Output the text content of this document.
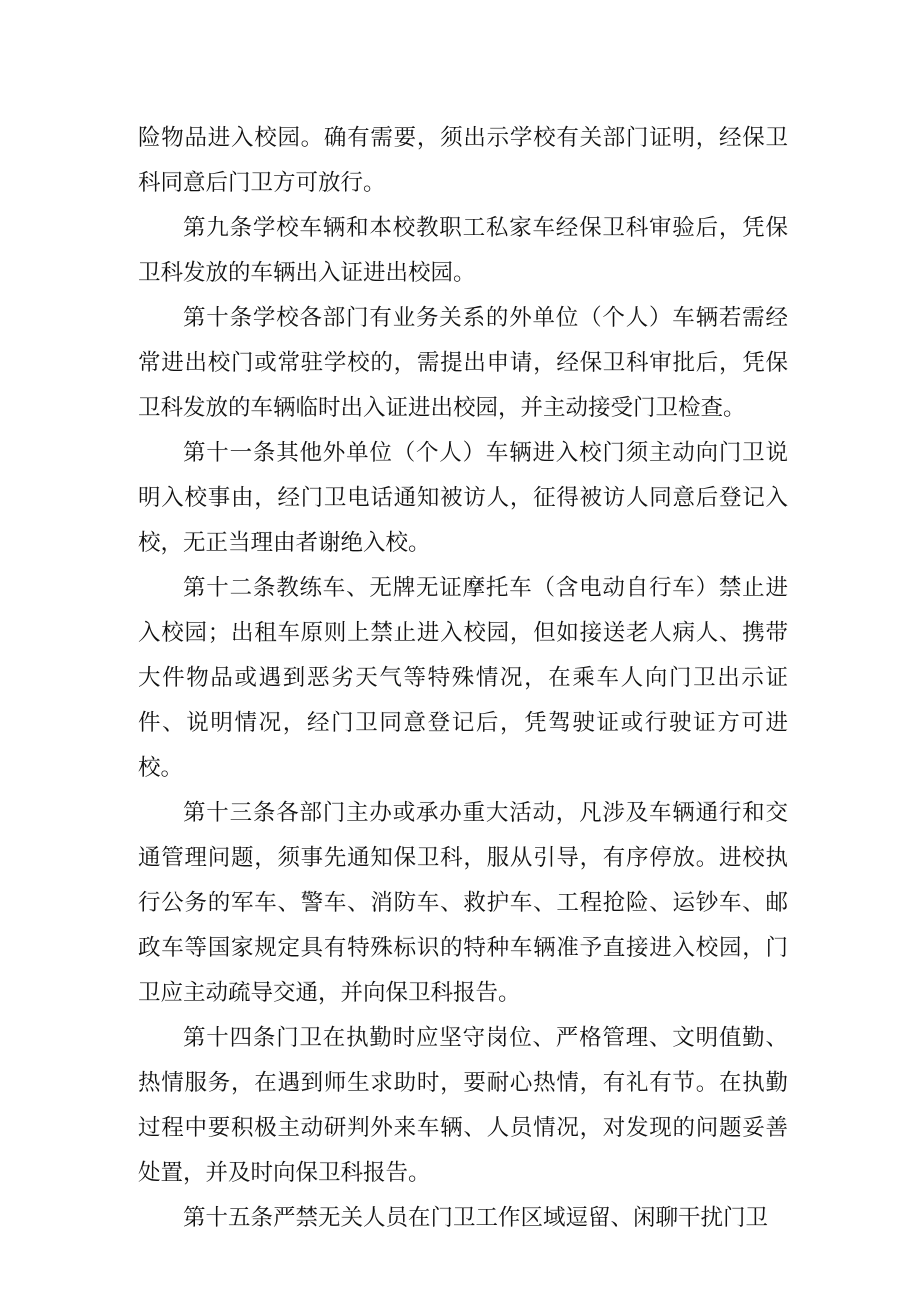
险物品进入校园。确有需要，须出示学校有关部门证明，经保卫科同意后门卫方可放行。

第九条学校车辆和本校教职工私家车经保卫科审验后，凭保卫科发放的车辆出入证进出校园。

第十条学校各部门有业务关系的外单位（个人）车辆若需经常进出校门或常驻学校的，需提出申请，经保卫科审批后，凭保卫科发放的车辆临时出入证进出校园，并主动接受门卫检查。

第十一条其他外单位（个人）车辆进入校门须主动向门卫说明入校事由，经门卫电话通知被访人，征得被访人同意后登记入校，无正当理由者谢绝入校。

第十二条教练车、无牌无证摩托车（含电动自行车）禁止进入校园；出租车原则上禁止进入校园，但如接送老人病人、携带大件物品或遇到恶劣天气等特殊情况，在乘车人向门卫出示证件、说明情况，经门卫同意登记后，凭驾驶证或行驶证方可进校。

第十三条各部门主办或承办重大活动，凡涉及车辆通行和交通管理问题，须事先通知保卫科，服从引导，有序停放。进校执行公务的军车、警车、消防车、救护车、工程抢险、运钞车、邮政车等国家规定具有特殊标识的特种车辆准予直接进入校园，门卫应主动疏导交通，并向保卫科报告。

第十四条门卫在执勤时应坚守岗位、严格管理、文明值勤、热情服务，在遇到师生求助时，要耐心热情，有礼有节。在执勤过程中要积极主动研判外来车辆、人员情况，对发现的问题妥善处置，并及时向保卫科报告。

第十五条严禁无关人员在门卫工作区域逗留、闲聊干扰门卫
